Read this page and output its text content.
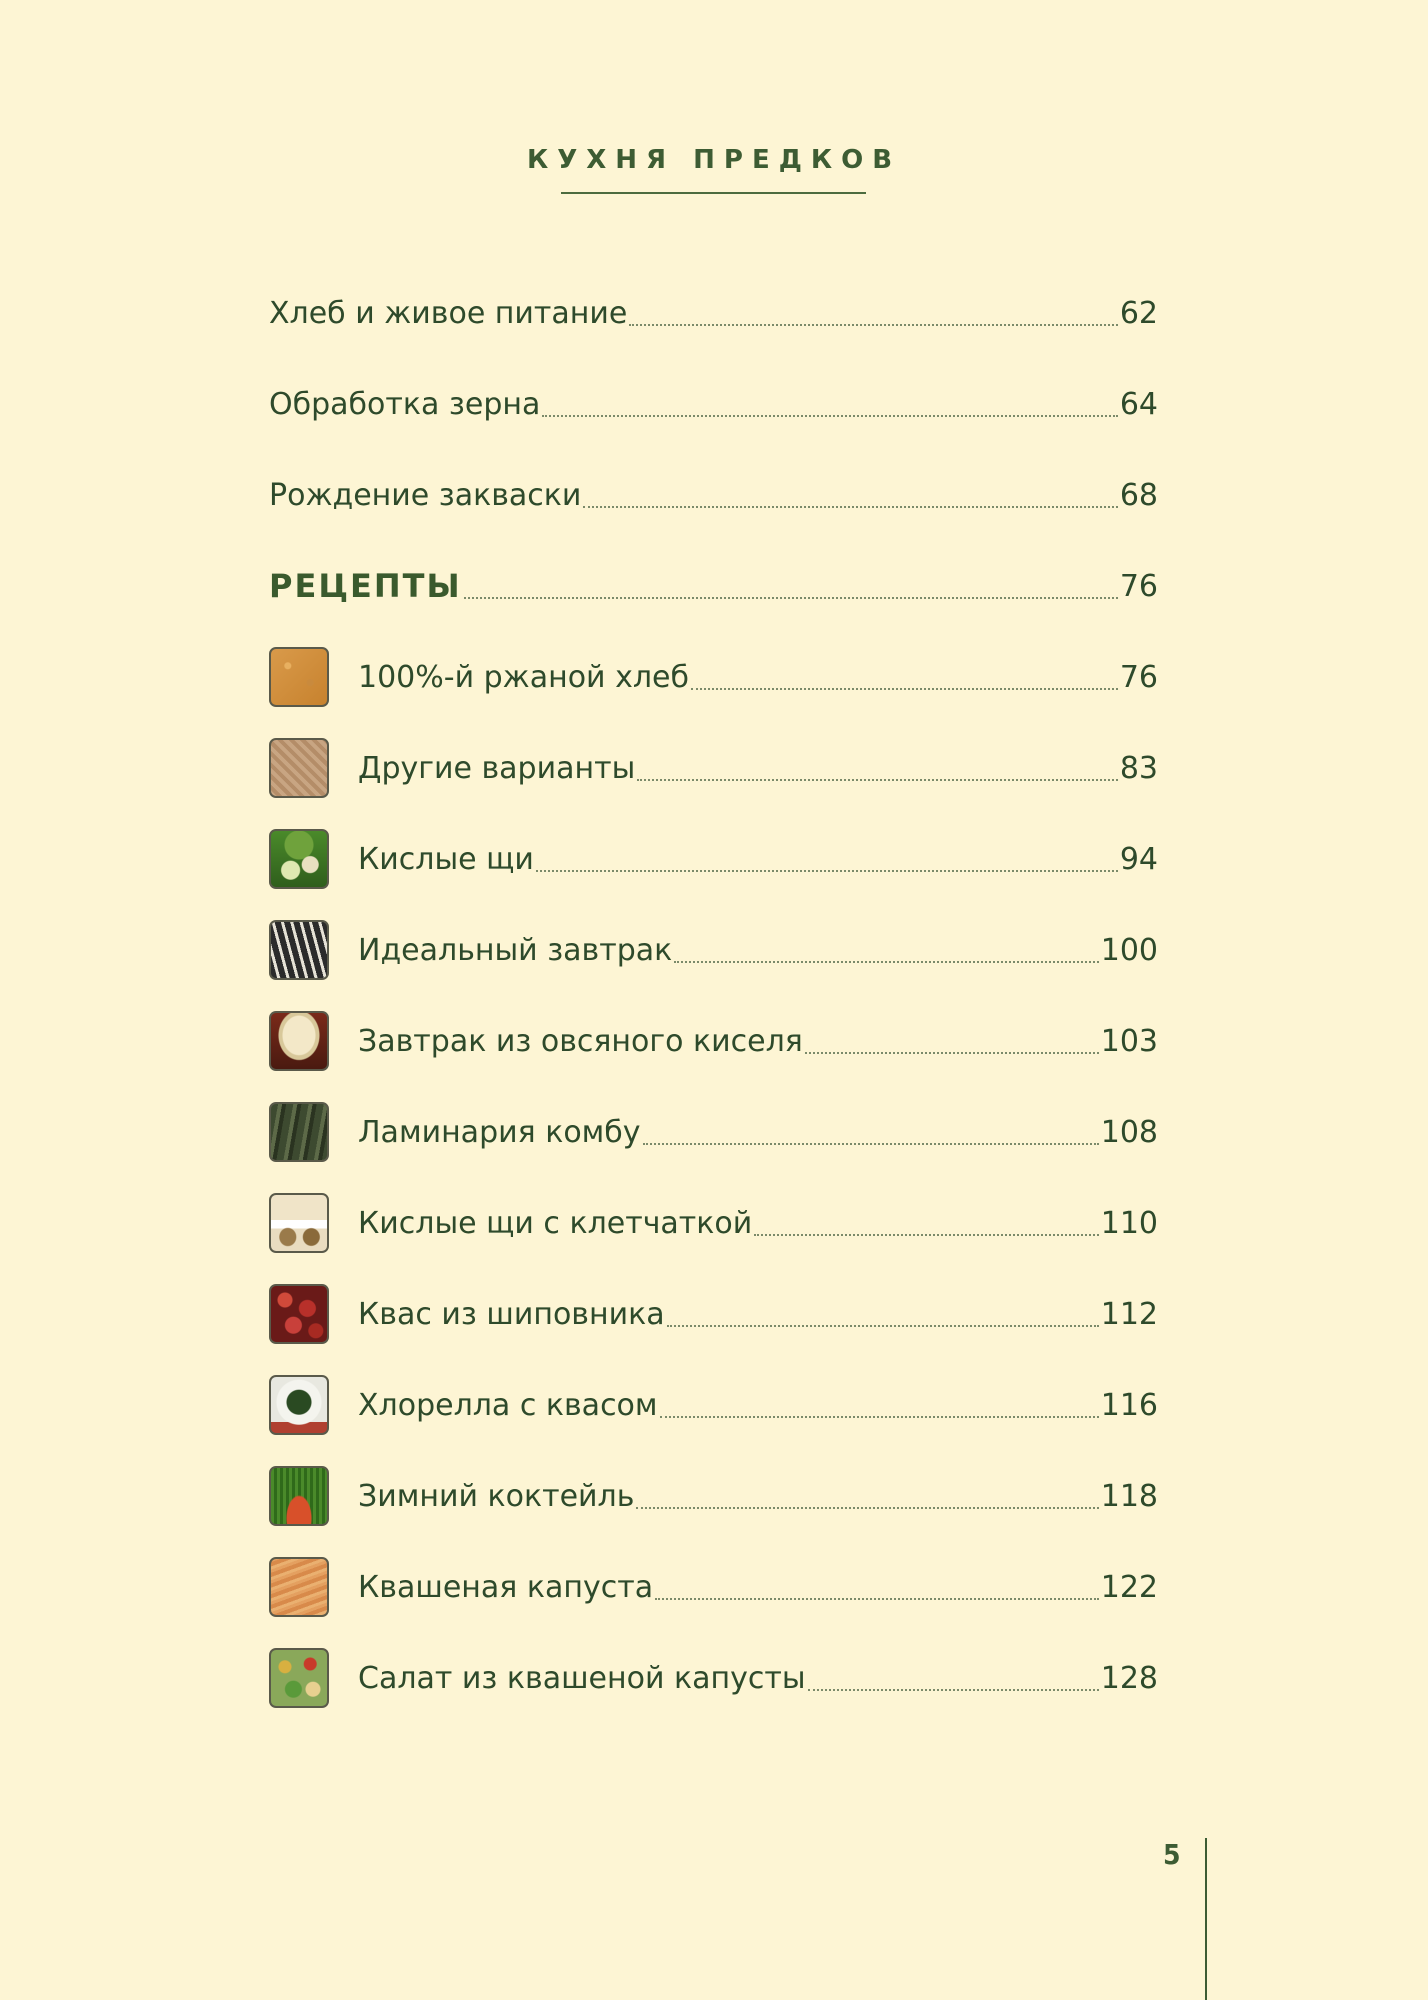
КУХНЯ ПРЕДКОВ
Хлеб и живое питание	62
Обработка зерна	64
Рождение закваски	68
РЕЦЕПТЫ	76
100%-й ржаной хлеб	76
Другие варианты	83
Кислые щи	94
Идеальный завтрак	100
Завтрак из овсяного киселя	103
Ламинария комбу	108
Кислые щи с клетчаткой	110
Квас из шиповника	112
Хлорелла с квасом	116
Зимний коктейль	118
Квашеная капуста	122
Салат из квашеной капусты	128
5
